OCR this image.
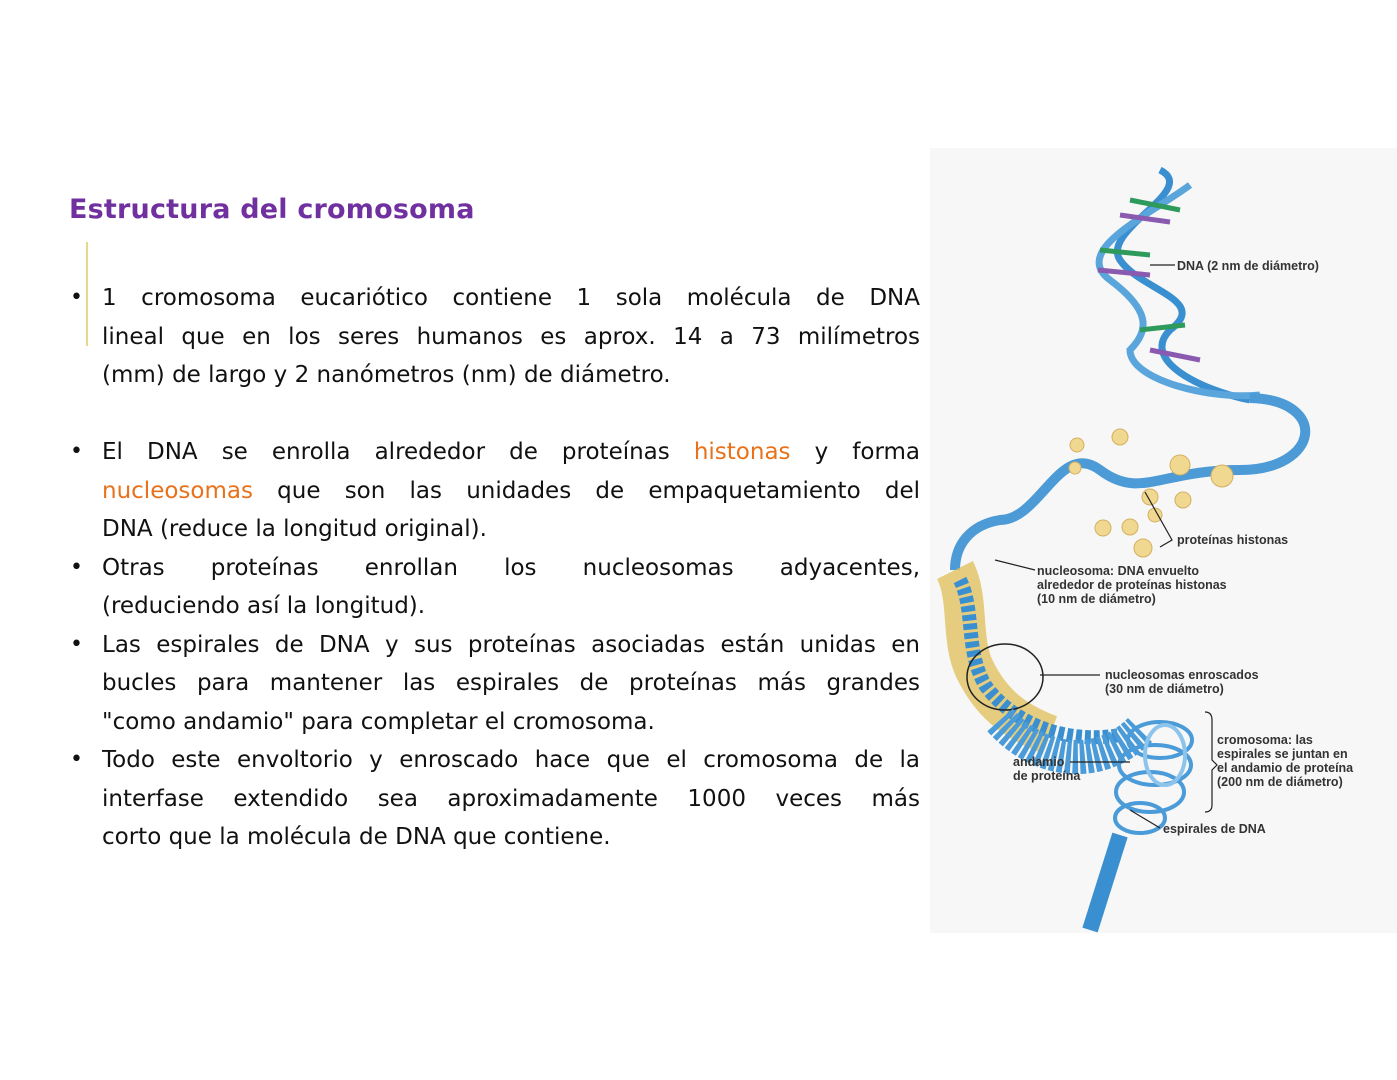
Estructura del cromosoma
• 1 cromosoma eucariótico contiene 1 sola molécula de DNA
lineal que en los seres humanos es aprox. 14 a 73 milímetros
(mm) de largo y 2 nanómetros (nm) de diámetro.
• El DNA se enrolla alrededor de proteínas histonas y forma
nucleosomas que son las unidades de empaquetamiento del
DNA (reduce la longitud original).
• Otras proteínas enrollan los nucleosomas adyacentes,
(reduciendo así la longitud).
• Las espirales de DNA y sus proteínas asociadas están unidas en
bucles para mantener las espirales de proteínas más grandes
"como andamio" para completar el cromosoma.
• Todo este envoltorio y enroscado hace que el cromosoma de la
interfase extendido sea aproximadamente 1000 veces más
corto que la molécula de DNA que contiene.
DNA (2 nm de diámetro)
proteínas histonas
nucleosoma: DNA envuelto
alrededor de proteínas histonas
(10 nm de diámetro)
nucleosomas enroscados
(30 nm de diámetro)
cromosoma: las
espirales se juntan en
el andamio de proteína
(200 nm de diámetro)
andamio
de proteína
espirales de DNA
